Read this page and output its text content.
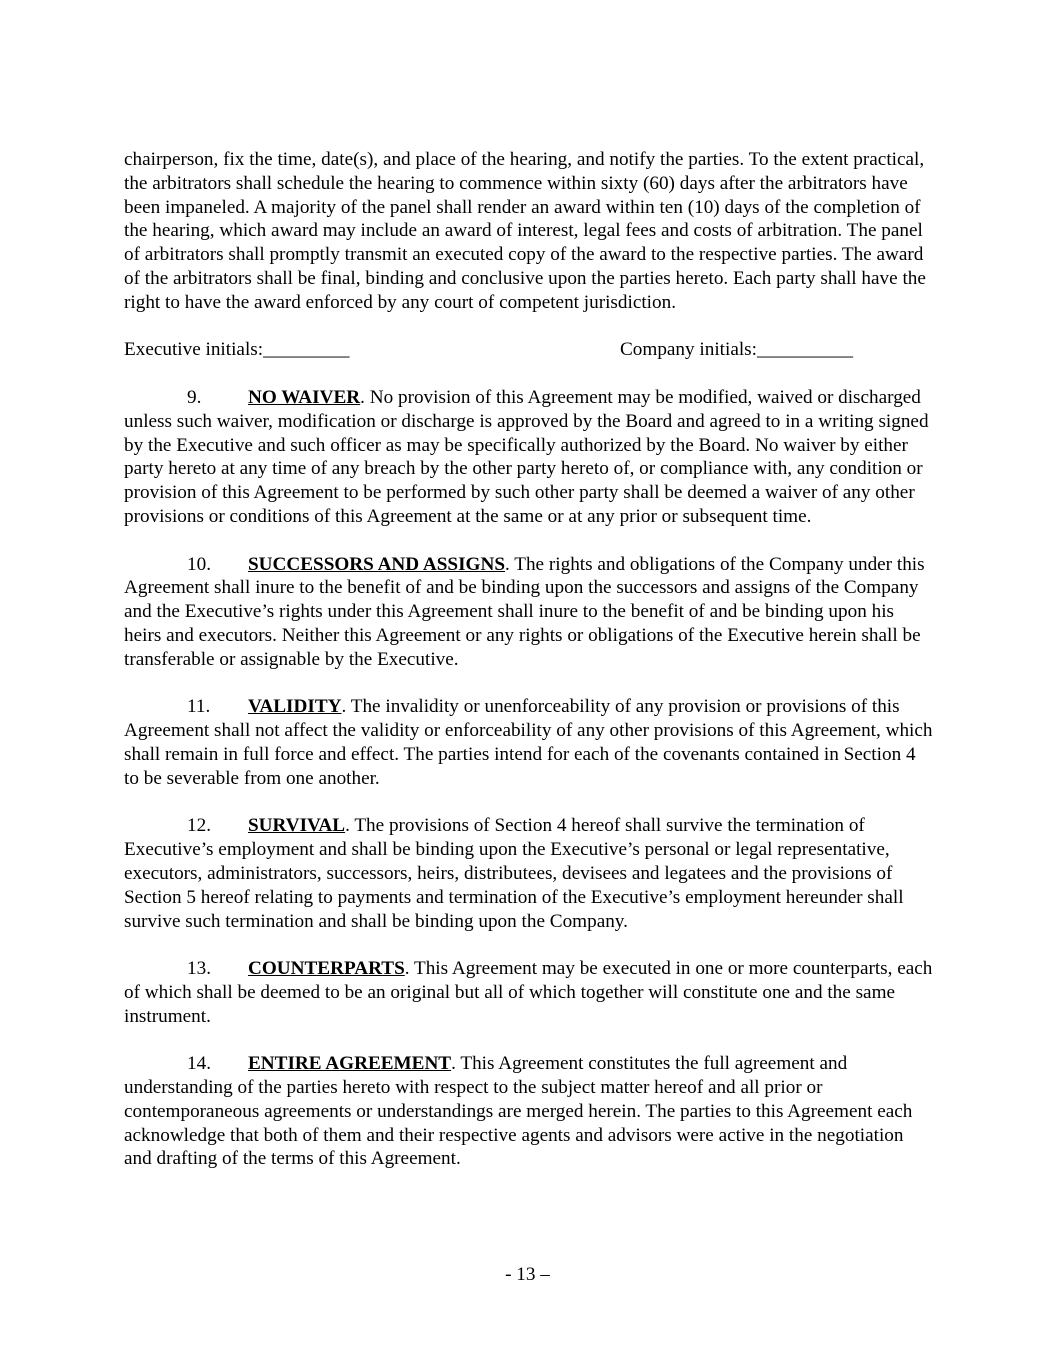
chairperson, fix the time, date(s), and place of the hearing, and notify the parties. To the extent practical, the arbitrators shall schedule the hearing to commence within sixty (60) days after the arbitrators have been impaneled. A majority of the panel shall render an award within ten (10) days of the completion of the hearing, which award may include an award of interest, legal fees and costs of arbitration. The panel of arbitrators shall promptly transmit an executed copy of the award to the respective parties. The award of the arbitrators shall be final, binding and conclusive upon the parties hereto. Each party shall have the right to have the award enforced by any court of competent jurisdiction.

Executive initials:_________	Company initials:__________

9. NO WAIVER. No provision of this Agreement may be modified, waived or discharged unless such waiver, modification or discharge is approved by the Board and agreed to in a writing signed by the Executive and such officer as may be specifically authorized by the Board. No waiver by either party hereto at any time of any breach by the other party hereto of, or compliance with, any condition or provision of this Agreement to be performed by such other party shall be deemed a waiver of any other provisions or conditions of this Agreement at the same or at any prior or subsequent time.

10. SUCCESSORS AND ASSIGNS. The rights and obligations of the Company under this Agreement shall inure to the benefit of and be binding upon the successors and assigns of the Company and the Executive’s rights under this Agreement shall inure to the benefit of and be binding upon his heirs and executors. Neither this Agreement or any rights or obligations of the Executive herein shall be transferable or assignable by the Executive.

11. VALIDITY. The invalidity or unenforceability of any provision or provisions of this Agreement shall not affect the validity or enforceability of any other provisions of this Agreement, which shall remain in full force and effect. The parties intend for each of the covenants contained in Section 4 to be severable from one another.

12. SURVIVAL. The provisions of Section 4 hereof shall survive the termination of Executive’s employment and shall be binding upon the Executive’s personal or legal representative, executors, administrators, successors, heirs, distributees, devisees and legatees and the provisions of Section 5 hereof relating to payments and termination of the Executive’s employment hereunder shall survive such termination and shall be binding upon the Company.

13. COUNTERPARTS. This Agreement may be executed in one or more counterparts, each of which shall be deemed to be an original but all of which together will constitute one and the same instrument.

14. ENTIRE AGREEMENT. This Agreement constitutes the full agreement and understanding of the parties hereto with respect to the subject matter hereof and all prior or contemporaneous agreements or understandings are merged herein. The parties to this Agreement each acknowledge that both of them and their respective agents and advisors were active in the negotiation and drafting of the terms of this Agreement.

- 13 –
